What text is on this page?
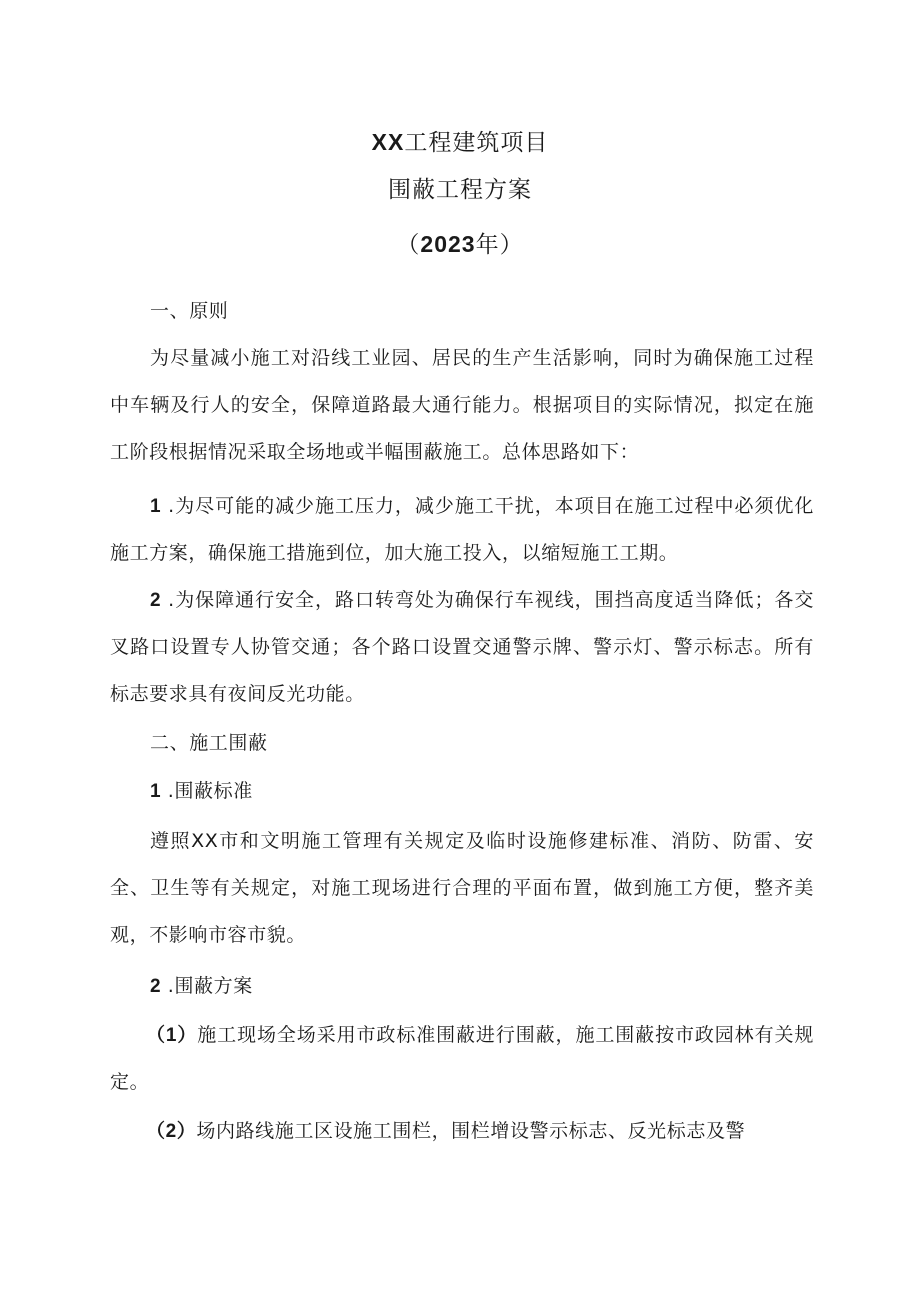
XX工程建筑项目
围蔽工程方案
（2023年）
一、原则
为尽量减小施工对沿线工业园、居民的生产生活影响，同时为确保施工过程中车辆及行人的安全，保障道路最大通行能力。根据项目的实际情况，拟定在施工阶段根据情况采取全场地或半幅围蔽施工。总体思路如下：
1 .为尽可能的减少施工压力，减少施工干扰，本项目在施工过程中必须优化施工方案，确保施工措施到位，加大施工投入，以缩短施工工期。
2 .为保障通行安全，路口转弯处为确保行车视线，围挡高度适当降低；各交叉路口设置专人协管交通；各个路口设置交通警示牌、警示灯、警示标志。所有标志要求具有夜间反光功能。
二、施工围蔽
1 .围蔽标准
遵照XX市和文明施工管理有关规定及临时设施修建标准、消防、防雷、安全、卫生等有关规定，对施工现场进行合理的平面布置，做到施工方便，整齐美观，不影响市容市貌。
2 .围蔽方案
（1）施工现场全场采用市政标准围蔽进行围蔽，施工围蔽按市政园林有关规定。
（2）场内路线施工区设施工围栏，围栏增设警示标志、反光标志及警
